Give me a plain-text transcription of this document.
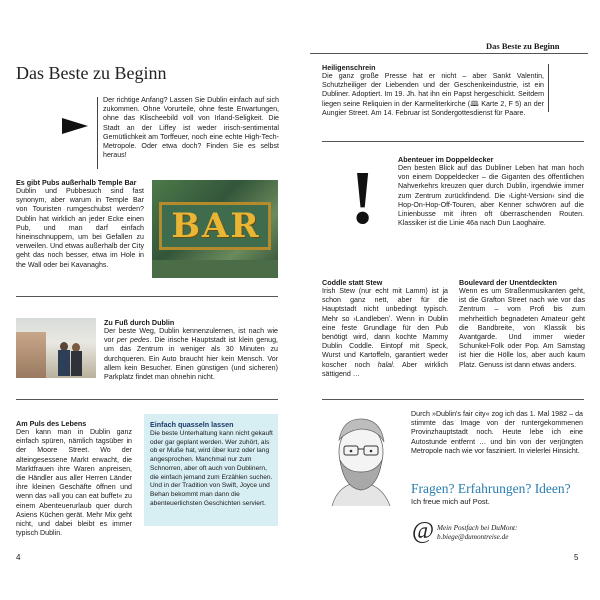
Das Beste zu Beginn
4	5
Das Beste zu Beginn

Der richtige Anfang? Lassen Sie Dublin einfach auf sich zukommen. Ohne Vorurteile, ohne feste Erwartungen, ohne das Klischeebild voll von Irland-Seligkeit. Die Stadt an der Liffey ist weder irisch-sentimental Gemütlichkeit am Torffeuer, noch eine echte High-Tech-Metropole. Oder etwa doch? Finden Sie es selbst heraus!

Es gibt Pubs außerhalb Temple Bar

Dublin und Pubbesuch sind fast synonym, aber warum in Temple Bar von Touristen rumgeschubst werden? Dublin hat wirklich an jeder Ecke einen Pub, und man darf einfach hineinschnuppern, um bei Gefallen zu verweilen. Und etwas außerhalb der City geht das noch besser, etwa im Hole in the Wall oder bei Kavanaghs.

BAR

Zu Fuß durch Dublin

Der beste Weg, Dublin kennenzulernen, ist nach wie vor per pedes. Die irische Hauptstadt ist klein genug, um das Zentrum in weniger als 30 Minuten zu durchqueren. Ein Auto braucht hier kein Mensch. Vor allem kein Besucher. Einen günstigen (und sicheren) Parkplatz findet man ohnehin nicht.

Am Puls des Lebens

Den kann man in Dublin ganz einfach spüren, nämlich tagsüber in der Moore Street. Wo der alteingesessene Markt erwacht, die Marktfrauen ihre Waren anpreisen, die Händler aus aller Herren Länder ihre kleinen Geschäfte öffnen und wenn das »all you can eat buffet« zu einem Abenteuerurlaub quer durch Asiens Küchen gerät. Mehr Mix geht nicht, und dabei bleibt es immer typisch Dublin.

Einfach quasseln lassen

Die beste Unterhaltung kann nicht gekauft oder gar geplant werden. Wer zuhört, als ob er Muße hat, wird über kurz oder lang angesprochen. Manchmal nur zum Schnorren, aber oft auch von Dublinern, die einfach jemand zum Erzählen suchen. Und in der Tradition von Swift, Joyce und Behan bekommt man dann die abenteuerlichsten Geschichten serviert.

Heiligenschrein

Die ganz große Presse hat er nicht – aber Sankt Valentin, Schutzheiliger der Liebenden und der Geschenkeindustrie, ist ein Dubliner. Adoptiert. Im 19. Jh. hat ihn ein Papst hergeschickt. Seitdem liegen seine Reliquien in der Karmeliterkirche (🕮 Karte 2, F 5) an der Aungier Street. Am 14. Februar ist Sondergottesdienst für Paare.

!	Abenteuer im Doppeldecker

Den besten Blick auf das Dubliner Leben hat man hoch von einem Doppeldecker – die Giganten des öffentlichen Nahverkehrs kreuzen quer durch Dublin, irgendwie immer zum Zentrum zurückfindend. Die ›Light-Version‹ sind die Hop-On-Hop-Off-Touren, aber Kenner schwören auf die Linienbusse mit ihren oft überraschenden Routen. Klassiker ist die Linie 46a nach Dun Laoghaire.

Coddle statt Stew

Irish Stew (nur echt mit Lamm) ist ja schon ganz nett, aber für die Hauptstadt nicht unbedingt typisch. Mehr so ›Landlebenʻ. Wenn in Dublin eine feste Grundlage für den Pub benötigt wird, dann kochte Mammy Dublin Coddle. Eintopf mit Speck, Wurst und Kartoffeln, garantiert weder koscher noch halal. Aber wirklich sättigend …

Boulevard der Unentdeckten

Wenn es um Straßenmusikanten geht, ist die Grafton Street nach wie vor das Zentrum – vom Profi bis zum mehrheitlich begnadeten Amateur geht die Bandbreite, von Klassik bis Avantgarde. Und immer wieder Schunkel-Folk oder Pop. Am Samstag ist hier die Hölle los, aber auch kaum Platz. Genuss ist dann etwas anders.

Durch »Dublin's fair city« zog ich das 1. Mal 1982 – da stimmte das Image von der runtergekommenen Provinzhauptstadt noch. Heute lebe ich eine Autostunde entfernt … und bin von der verjüngten Metropole nach wie vor fasziniert. In vielerlei Hinsicht.

Fragen? Erfahrungen? Ideen?
Ich freue mich auf Post.
@ Mein Postfach bei DuMont:
b.biege@dumontreise.de
